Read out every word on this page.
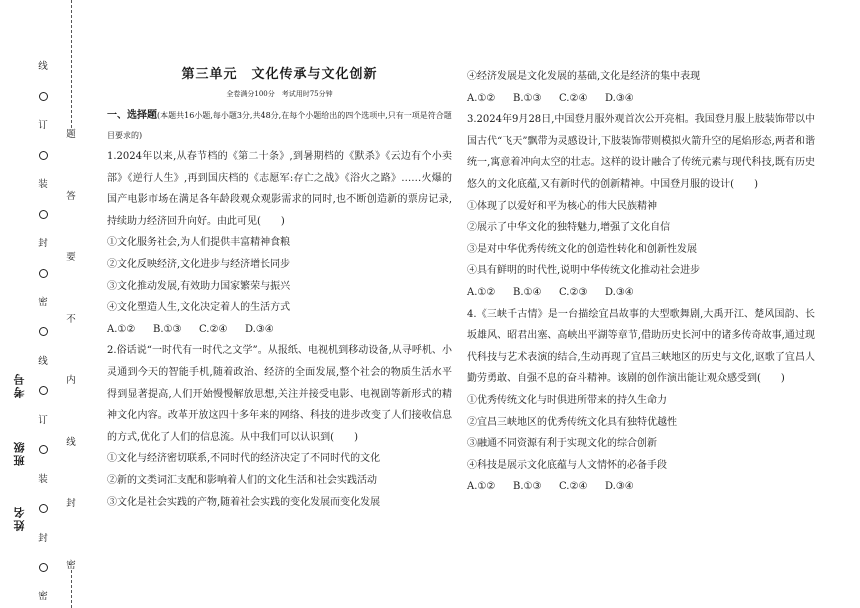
线
订
装
封
密
线
订
装
封
密
题
答
要
不
内
线
封
密
考号
班级
姓名
第三单元　文化传承与文化创新
全卷满分100分　考试用时75分钟
一、选择题(本题共16小题,每小题3分,共48分,在每个小题给出的四个选项中,只有一项是符合题目要求的)

1.2024年以来,从春节档的《第二十条》,到暑期档的《默杀》《云边有个小卖部》《逆行人生》,再到国庆档的《志愿军:存亡之战》《浴火之路》……火爆的国产电影市场在满足各年龄段观众观影需求的同时,也不断创造新的票房记录,持续助力经济回升向好。由此可见(　　)

①文化服务社会,为人们提供丰富精神食粮

②文化反映经济,文化进步与经济增长同步

③文化推动发展,有效助力国家繁荣与振兴

④文化塑造人生,文化决定着人的生活方式

A.①②	B.①③	C.②④	D.③④

2.俗话说“一时代有一时代之文学”。从报纸、电视机到移动设备,从寻呼机、小灵通到今天的智能手机,随着政治、经济的全面发展,整个社会的物质生活水平得到显著提高,人们开始慢慢解放思想,关注并接受电影、电视剧等新形式的精神文化内容。改革开放这四十多年来的网络、科技的进步改变了人们接收信息的方式,优化了人们的信息流。从中我们可以认识到(　　)

①文化与经济密切联系,不同时代的经济决定了不同时代的文化

②新的文类词汇支配和影响着人们的文化生活和社会实践活动

③文化是社会实践的产物,随着社会实践的变化发展而变化发展

④经济发展是文化发展的基础,文化是经济的集中表现

A.①②	B.①③	C.②④	D.③④

3.2024年9月28日,中国登月服外观首次公开亮相。我国登月服上肢装饰带以中国古代“飞天”飘带为灵感设计,下肢装饰带则模拟火箭升空的尾焰形态,两者和谐统一,寓意着冲向太空的壮志。这样的设计融合了传统元素与现代科技,既有历史悠久的文化底蕴,又有新时代的创新精神。中国登月服的设计(　　)

①体现了以爱好和平为核心的伟大民族精神

②展示了中华文化的独特魅力,增强了文化自信

③是对中华优秀传统文化的创造性转化和创新性发展

④具有鲜明的时代性,说明中华传统文化推动社会进步

A.①②	B.①④	C.②③	D.③④

4.《三峡千古情》是一台描绘宜昌故事的大型歌舞剧,大禹开江、楚风国韵、长坂雄风、昭君出塞、高峡出平湖等章节,借助历史长河中的诸多传奇故事,通过现代科技与艺术表演的结合,生动再现了宜昌三峡地区的历史与文化,讴歌了宜昌人勤劳勇敢、自强不息的奋斗精神。该剧的创作演出能让观众感受到(　　)

①优秀传统文化与时俱进所带来的持久生命力

②宜昌三峡地区的优秀传统文化具有独特优越性

③融通不同资源有利于实现文化的综合创新

④科技是展示文化底蕴与人文情怀的必备手段

A.①②	B.①③	C.②④	D.③④
